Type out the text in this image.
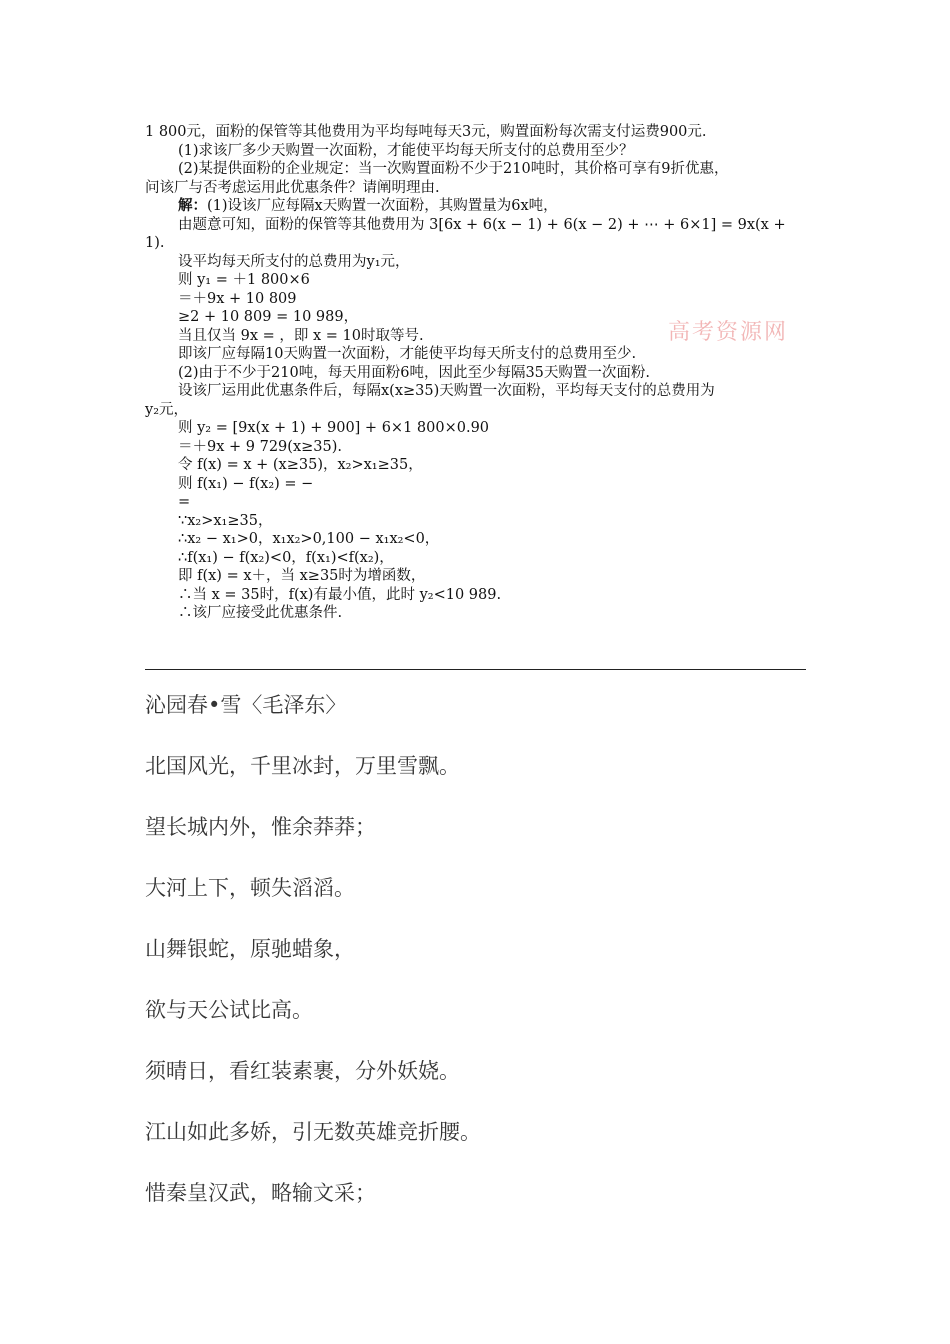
1 800元，面粉的保管等其他费用为平均每吨每天3元，购置面粉每次需支付运费900元.

(1)求该厂多少天购置一次面粉，才能使平均每天所支付的总费用至少？

(2)某提供面粉的企业规定：当一次购置面粉不少于210吨时，其价格可享有9折优惠，

问该厂与否考虑运用此优惠条件？请阐明理由.

解：(1)设该厂应每隔x天购置一次面粉，其购置量为6x吨，

由题意可知，面粉的保管等其他费用为 3[6x + 6(x − 1) + 6(x − 2) + ⋯ + 6×1] = 9x(x +

1).

设平均每天所支付的总费用为y₁元，

则 y₁ = ＋1 800×6

＝＋9x + 10 809

≥2 + 10 809 = 10 989，

当且仅当 9x = ，即 x = 10时取等号.

即该厂应每隔10天购置一次面粉，才能使平均每天所支付的总费用至少.

(2)由于不少于210吨，每天用面粉6吨，因此至少每隔35天购置一次面粉.

设该厂运用此优惠条件后，每隔x(x≥35)天购置一次面粉，平均每天支付的总费用为

y₂元，

则 y₂ = [9x(x + 1) + 900] + 6×1 800×0.90

＝＋9x + 9 729(x≥35).

令 f(x) = x + (x≥35)，x₂>x₁≥35，

则 f(x₁) − f(x₂) = −

=

∵x₂>x₁≥35，

∴x₂ − x₁>0，x₁x₂>0,100 − x₁x₂<0，

∴f(x₁) − f(x₂)<0，f(x₁)<f(x₂)，

即 f(x) = x＋，当 x≥35时为增函数，

∴当 x = 35时，f(x)有最小值，此时 y₂<10 989.

∴该厂应接受此优惠条件.

高考资源网

沁园春•雪〈毛泽东〉

北国风光，千里冰封，万里雪飘。

望长城内外，惟余莽莽；

大河上下，顿失滔滔。

山舞银蛇，原驰蜡象，

欲与天公试比高。

须晴日，看红装素裹，分外妖娆。

江山如此多娇，引无数英雄竞折腰。

惜秦皇汉武，略输文采；
